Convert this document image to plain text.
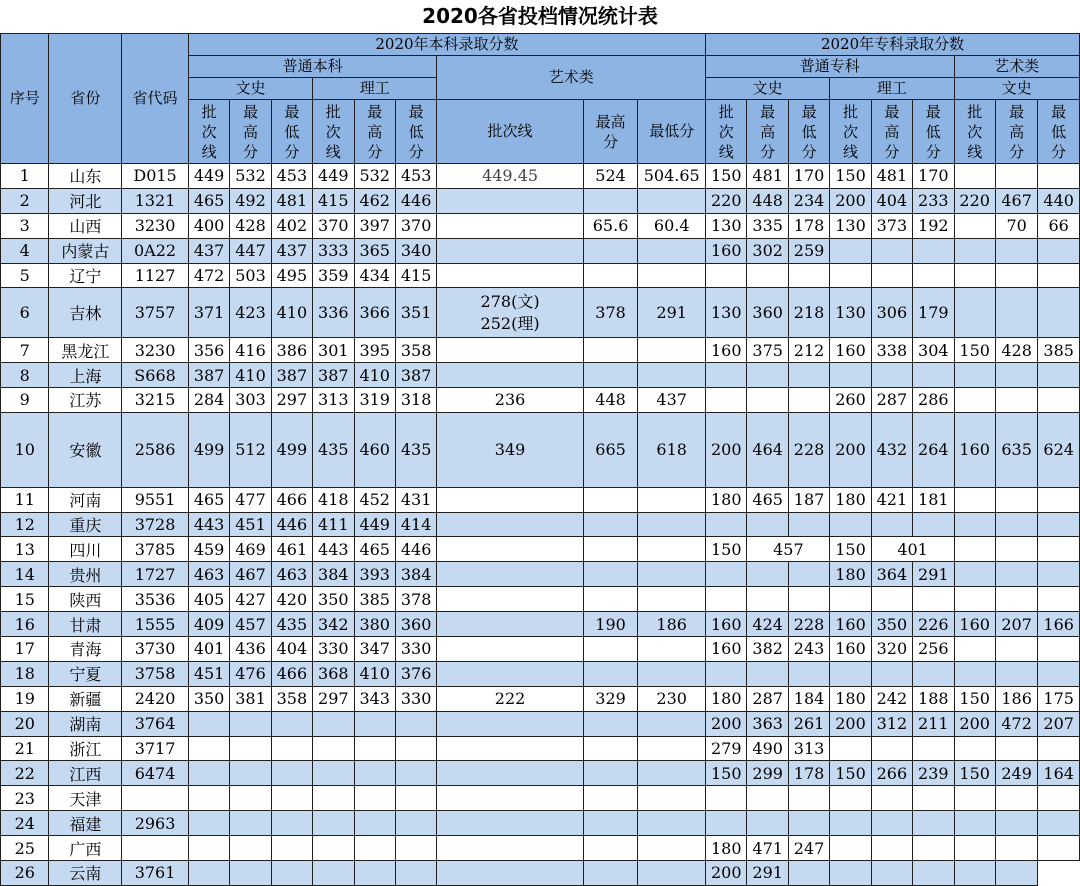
2020各省投档情况统计表
序号	省份	省代码	2020年本科录取分数									2020年专科录取分数								
			普通本科						艺术类			普通专科						艺术类		
			文史			理工						文史			理工			文史		
			批
次
线	最
高
分	最
低
分	批
次
线	最
高
分	最
低
分	批次线	最高
分	最低分	批
次
线	最
高
分	最
低
分	批
次
线	最
高
分	最
低
分	批
次
线	最
高
分	最
低
分
1	山东	D015	449	532	453	449	532	453	449.45	524	504.65	150	481	170	150	481	170			
2	河北	1321	465	492	481	415	462	446				220	448	234	200	404	233	220	467	440
3	山西	3230	400	428	402	370	397	370		65.6	60.4	130	335	178	130	373	192		70	66
4	内蒙古	0A22	437	447	437	333	365	340				160	302	259						
5	辽宁	1127	472	503	495	359	434	415												
6	吉林	3757	371	423	410	336	366	351	278(文)
252(理)	378	291	130	360	218	130	306	179			
7	黑龙江	3230	356	416	386	301	395	358				160	375	212	160	338	304	150	428	385
8	上海	S668	387	410	387	387	410	387												
9	江苏	3215	284	303	297	313	319	318	236	448	437				260	287	286			
10	安徽	2586	499	512	499	435	460	435	349	665	618	200	464	228	200	432	264	160	635	624
11	河南	9551	465	477	466	418	452	431				180	465	187	180	421	181			
12	重庆	3728	443	451	446	411	449	414												
13	四川	3785	459	469	461	443	465	446				150	457		150	401				
14	贵州	1727	463	467	463	384	393	384							180	364	291			
15	陕西	3536	405	427	420	350	385	378												
16	甘肃	1555	409	457	435	342	380	360		190	186	160	424	228	160	350	226	160	207	166
17	青海	3730	401	436	404	330	347	330				160	382	243	160	320	256			
18	宁夏	3758	451	476	466	368	410	376												
19	新疆	2420	350	381	358	297	343	330	222	329	230	180	287	184	180	242	188	150	186	175
20	湖南	3764										200	363	261	200	312	211	200	472	207
21	浙江	3717										279	490	313						
22	江西	6474										150	299	178	150	266	239	150	249	164
23	天津																			
24	福建	2963																		
25	广西											180	471	247						
26	云南	3761										200	291							
